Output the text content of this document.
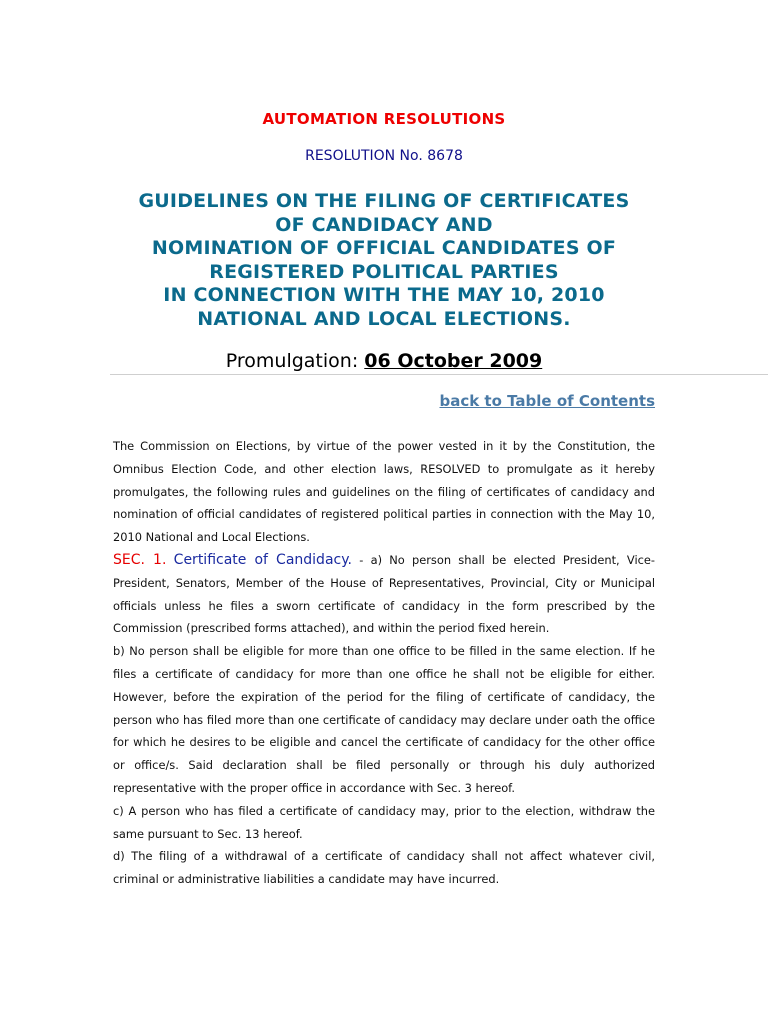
AUTOMATION RESOLUTIONS
RESOLUTION No. 8678
GUIDELINES ON THE FILING OF CERTIFICATES
OF CANDIDACY AND
NOMINATION OF OFFICIAL CANDIDATES OF
REGISTERED POLITICAL PARTIES
IN CONNECTION WITH THE MAY 10, 2010
NATIONAL AND LOCAL ELECTIONS.
Promulgation: 06 October 2009
back to Table of Contents

The Commission on Elections, by virtue of the power vested in it by the Constitution, the Omnibus Election Code, and other election laws, RESOLVED to promulgate as it hereby promulgates, the following rules and guidelines on the filing of certificates of candidacy and nomination of official candidates of registered political parties in connection with the May 10, 2010 National and Local Elections.

SEC. 1. Certificate of Candidacy. - a) No person shall be elected President, Vice-President, Senators, Member of the House of Representatives, Provincial, City or Municipal officials unless he files a sworn certificate of candidacy in the form prescribed by the Commission (prescribed forms attached), and within the period fixed herein.

b) No person shall be eligible for more than one office to be filled in the same election. If he files a certificate of candidacy for more than one office he shall not be eligible for either. However, before the expiration of the period for the filing of certificate of candidacy, the person who has filed more than one certificate of candidacy may declare under oath the office for which he desires to be eligible and cancel the certificate of candidacy for the other office or office/s. Said declaration shall be filed personally or through his duly authorized representative with the proper office in accordance with Sec. 3 hereof.

c) A person who has filed a certificate of candidacy may, prior to the election, withdraw the same pursuant to Sec. 13 hereof.

d) The filing of a withdrawal of a certificate of candidacy shall not affect whatever civil, criminal or administrative liabilities a candidate may have incurred.
